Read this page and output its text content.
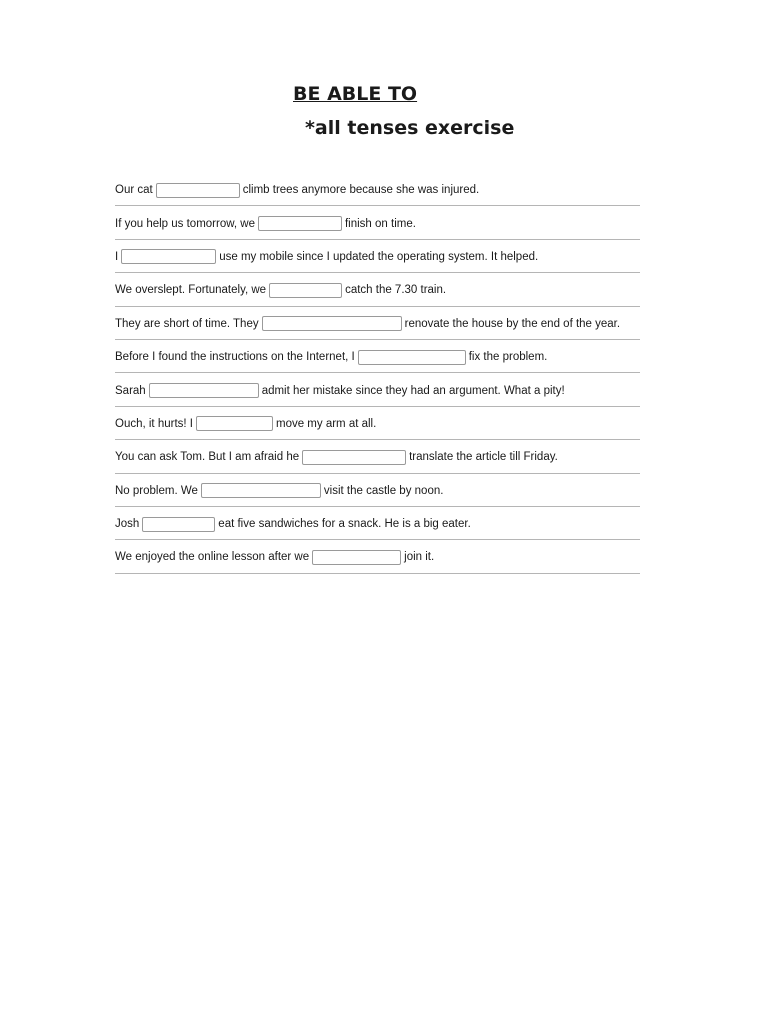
BE ABLE TO
*all tenses exercise
Our cat	climb trees anymore because she was injured.
If you help us tomorrow, we	finish on time.
I	use my mobile since I updated the operating system. It helped.
We overslept. Fortunately, we	catch the 7.30 train.
They are short of time. They	renovate the house by the end of the year.
Before I found the instructions on the Internet, I	fix the problem.
Sarah	admit her mistake since they had an argument. What a pity!
Ouch, it hurts! I	move my arm at all.
You can ask Tom. But I am afraid he	translate the article till Friday.
No problem. We	visit the castle by noon.
Josh	eat five sandwiches for a snack. He is a big eater.
We enjoyed the online lesson after we	join it.
